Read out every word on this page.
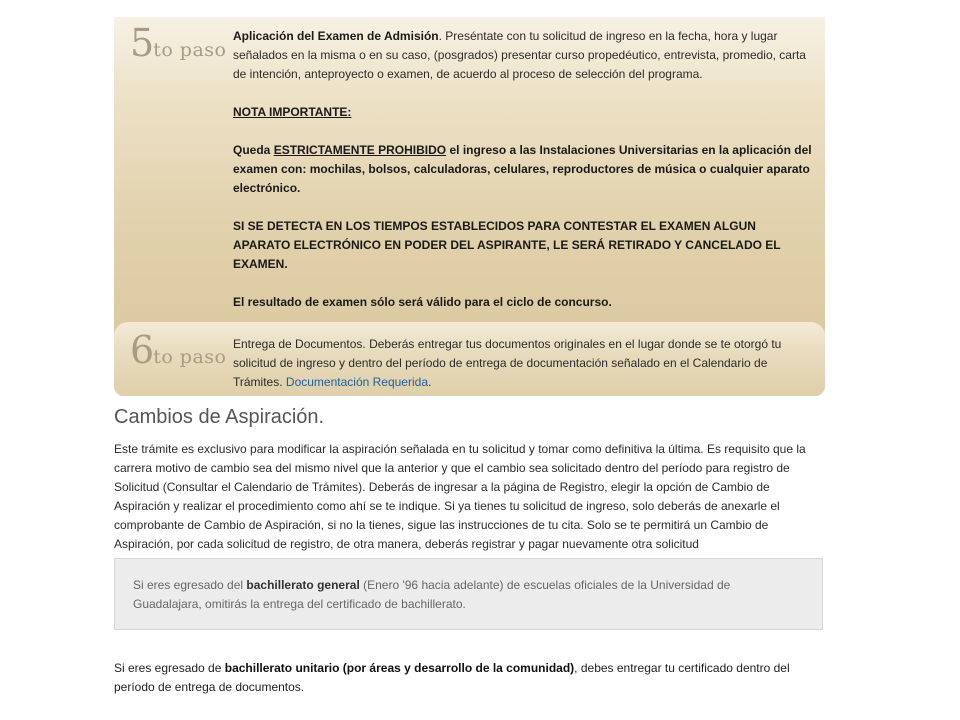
5to paso

Aplicación del Examen de Admisión. Preséntate con tu solicitud de ingreso en la fecha, hora y lugar señalados en la misma o en su caso, (posgrados) presentar curso propedéutico, entrevista, promedio, carta de intención, anteproyecto o examen, de acuerdo al proceso de selección del programa.

NOTA IMPORTANTE:

Queda ESTRICTAMENTE PROHIBIDO el ingreso a las Instalaciones Universitarias en la aplicación del examen con: mochilas, bolsos, calculadoras, celulares, reproductores de música o cualquier aparato electrónico.

SI SE DETECTA EN LOS TIEMPOS ESTABLECIDOS PARA CONTESTAR EL EXAMEN ALGUN APARATO ELECTRÓNICO EN PODER DEL ASPIRANTE, LE SERÁ RETIRADO Y CANCELADO EL EXAMEN.

El resultado de examen sólo será válido para el ciclo de concurso.

6to paso
Entrega de Documentos. Deberás entregar tus documentos originales en el lugar donde se te otorgó tu solicitud de ingreso y dentro del período de entrega de documentación señalado en el Calendario de Trámites. Documentación Requerida.
Cambios de Aspiración.

Este trámite es exclusivo para modificar la aspiración señalada en tu solicitud y tomar como definitiva la última. Es requisito que la carrera motivo de cambio sea del mismo nivel que la anterior y que el cambio sea solicitado dentro del período para registro de Solicitud (Consultar el Calendario de Trámites). Deberás de ingresar a la página de Registro, elegir la opción de Cambio de Aspiración y realizar el procedimiento como ahí se te indique. Si ya tienes tu solicitud de ingreso, solo deberás de anexarle el comprobante de Cambio de Aspiración, si no la tienes, sigue las instrucciones de tu cita. Solo se te permitirá un Cambio de Aspiración, por cada solicitud de registro, de otra manera, deberás registrar y pagar nuevamente otra solicitud

Si eres egresado del bachillerato general (Enero '96 hacia adelante) de escuelas oficiales de la Universidad de Guadalajara, omitirás la entrega del certificado de bachillerato.

Si eres egresado de bachillerato unitario (por áreas y desarrollo de la comunidad), debes entregar tu certificado dentro del período de entrega de documentos.
